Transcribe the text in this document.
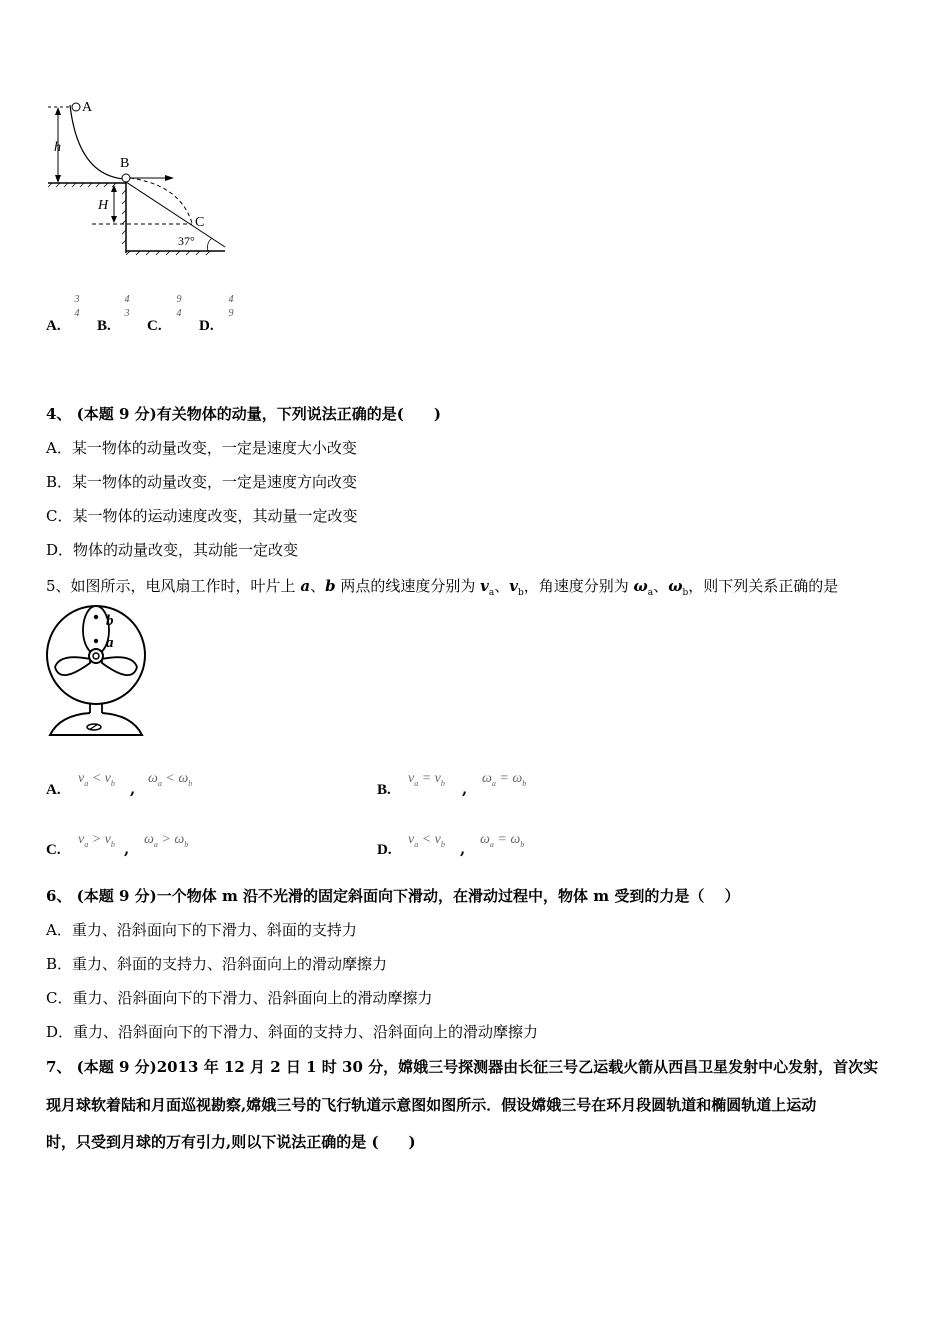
h
A
B
H
C
37°
A.
3
4
B.
4
3
C.
9
4
D.
4
9
4、 (本题 9 分)有关物体的动量，下列说法正确的是(　　)
A．某一物体的动量改变，一定是速度大小改变
B．某一物体的动量改变，一定是速度方向改变
C．某一物体的运动速度改变，其动量一定改变
D．物体的动量改变，其动能一定改变
5、如图所示，电风扇工作时，叶片上 a、b 两点的线速度分别为 $v_a$、$v_b$，角速度分别为 $\omega_a$、$\omega_b$，则下列关系正确的是
b
a
A.
$v_a < v_b$ ,
$\omega_a < \omega_b$	B.
$v_a = v_b$ ,
$\omega_a = \omega_b$
C.
$v_a > v_b$ ,
$\omega_a > \omega_b$	D.
$v_a < v_b$ ,
$\omega_a = \omega_b$
6、 (本题 9 分)一个物体 m 沿不光滑的固定斜面向下滑动，在滑动过程中，物体 m 受到的力是（　 ）
A．重力、沿斜面向下的下滑力、斜面的支持力
B．重力、斜面的支持力、沿斜面向上的滑动摩擦力
C．重力、沿斜面向下的下滑力、沿斜面向上的滑动摩擦力
D．重力、沿斜面向下的下滑力、斜面的支持力、沿斜面向上的滑动摩擦力
7、 (本题 9 分)2013 年 12 月 2 日 1 时 30 分，嫦娥三号探测器由长征三号乙运载火箭从西昌卫星发射中心发射，首次实
现月球软着陆和月面巡视勘察,嫦娥三号的飞行轨道示意图如图所示．假设嫦娥三号在环月段圆轨道和椭圆轨道上运动
时，只受到月球的万有引力,则以下说法正确的是 (　　)
